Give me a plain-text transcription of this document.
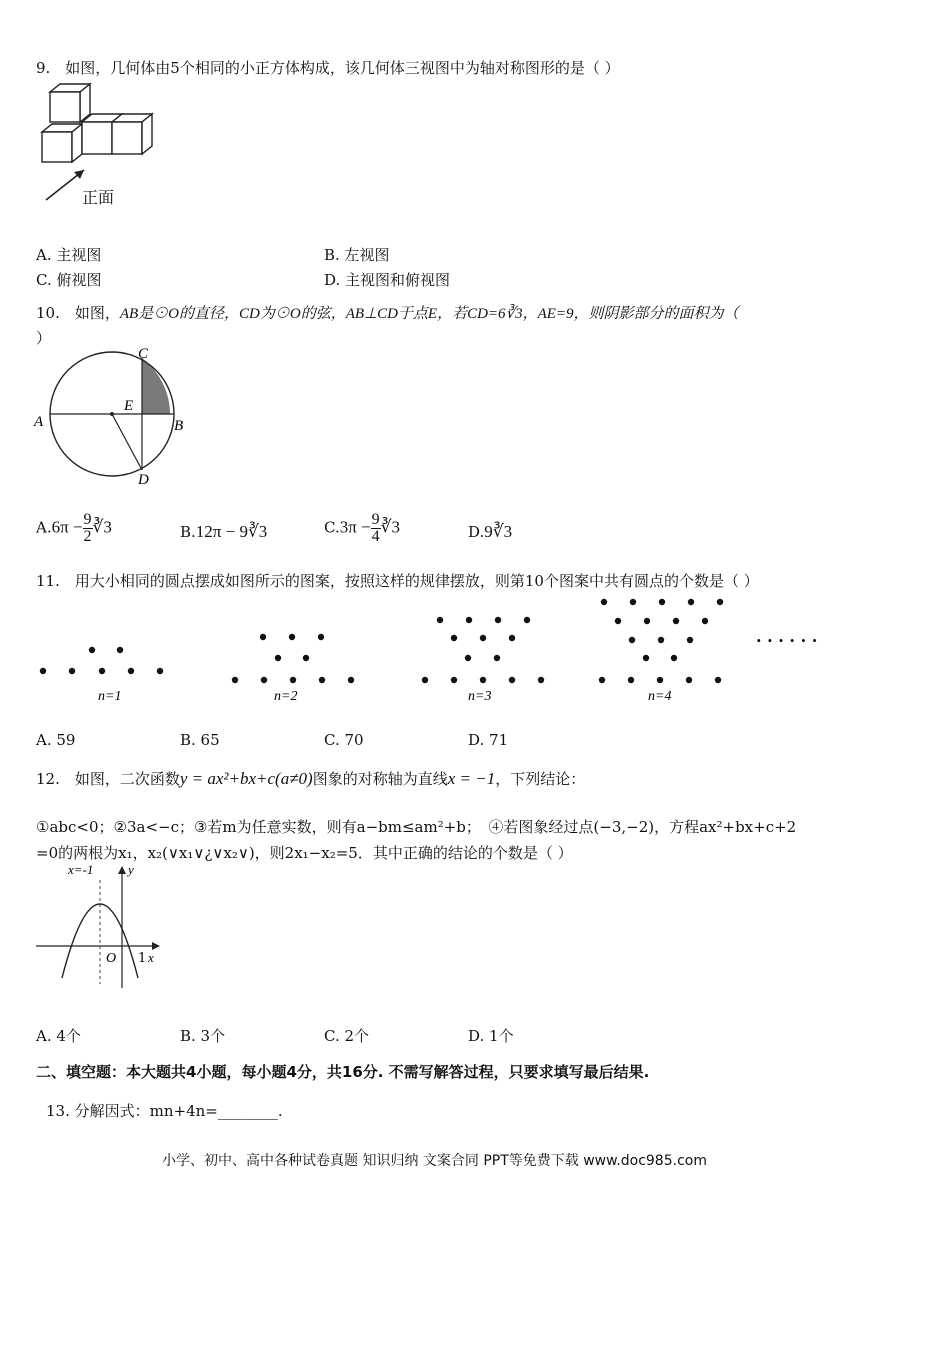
9.　如图，几何体由5个相同的小正方体构成，该几何体三视图中为轴对称图形的是（ ）
正面
A. 主视图	B. 左视图
C. 俯视图	D. 主视图和俯视图
10.　如图，AB是⊙O的直径，CD为⊙O的弦，AB⊥CD于点E，若CD=6∛3，AE=9，则阴影部分的面积为（
）
A	B
C
D
E
$A.6\pi - \frac{9}{2}$ ∛3	B.12π − 9∛3	$C.3\pi - \frac{9}{4}$ ∛3	D.9∛3
11.　用大小相同的圆点摆成如图所示的图案，按照这样的规律摆放，则第10个图案中共有圆点的个数是（ ）
n=1	n=2	n=3	n=4
· · · · · ·
A. 59	B. 65	C. 70	D. 71
12.　如图，二次函数y = ax²+bx+c(a≠0)图象的对称轴为直线x = −1，下列结论：
①abc<0；②3a<−c；③若m为任意实数，则有a−bm≤am²+b；　④若图象经过点(−3,−2)，方程ax²+bx+c+2
=0的两根为x₁，x₂(∨x₁∨¿∨x₂∨)，则2x₁−x₂=5．其中正确的结论的个数是（ ）
x=-1	y
O 1 x
A. 4个	B. 3个	C. 2个	D. 1个
二、填空题：本大题共4小题，每小题4分，共16分. 不需写解答过程，只要求填写最后结果.
13. 分解因式：mn+4n=________.
小学、初中、高中各种试卷真题 知识归纳 文案合同 PPT等免费下载 www.doc985.com
